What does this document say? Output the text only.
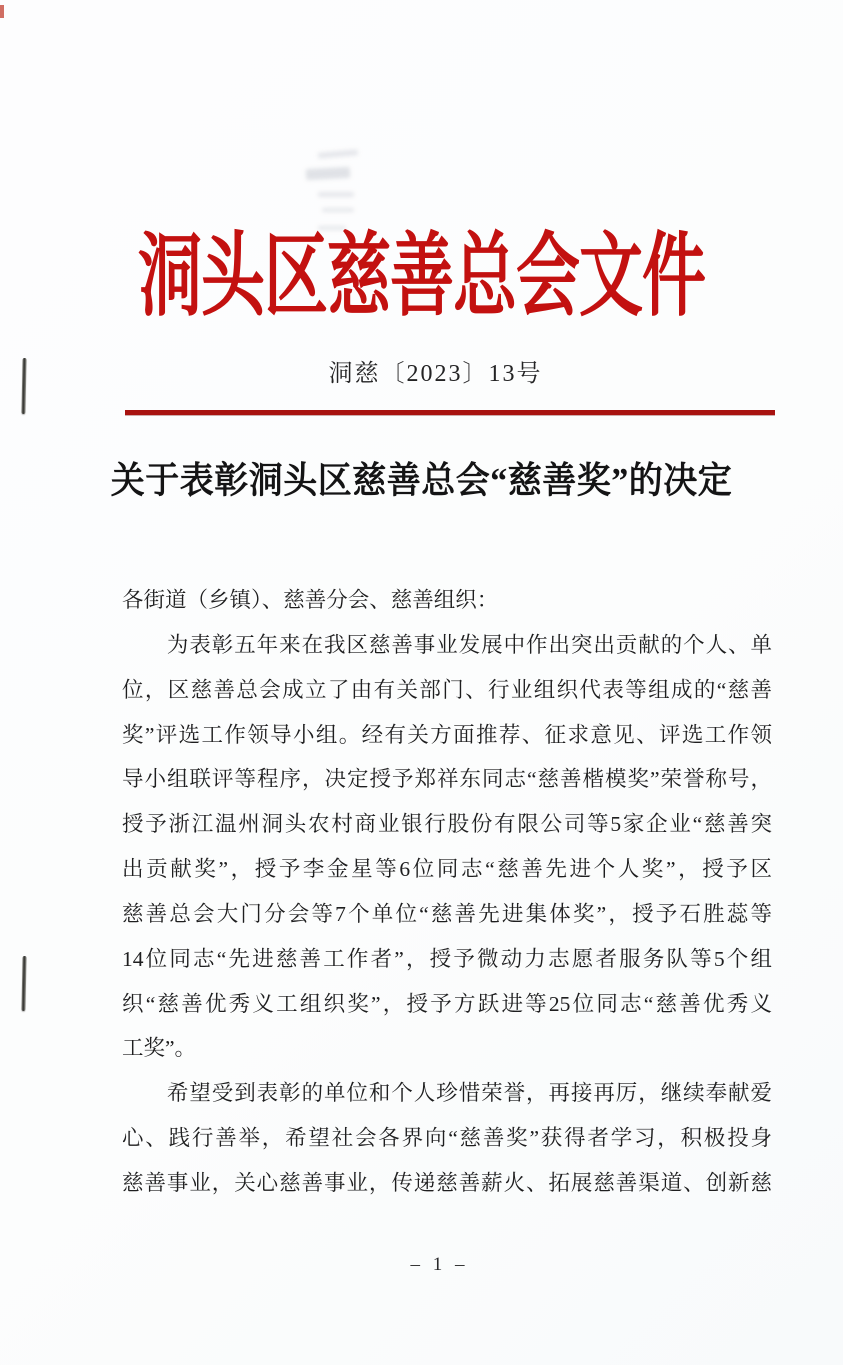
洞头区慈善总会文件
洞慈〔2023〕13号
关于表彰洞头区慈善总会“慈善奖”的决定
各街道（乡镇）、慈善分会、慈善组织：
　　为表彰五年来在我区慈善事业发展中作出突出贡献的个人、单
位，区慈善总会成立了由有关部门、行业组织代表等组成的“慈善
奖”评选工作领导小组。经有关方面推荐、征求意见、评选工作领
导小组联评等程序，决定授予郑祥东同志“慈善楷模奖”荣誉称号，
授予浙江温州洞头农村商业银行股份有限公司等5家企业“慈善突
出贡献奖”，授予李金星等6位同志“慈善先进个人奖”，授予区
慈善总会大门分会等7个单位“慈善先进集体奖”，授予石胜蕊等
14位同志“先进慈善工作者”，授予微动力志愿者服务队等5个组
织“慈善优秀义工组织奖”，授予方跃进等25位同志“慈善优秀义
工奖”。
　　希望受到表彰的单位和个人珍惜荣誉，再接再厉，继续奉献爱
心、践行善举，希望社会各界向“慈善奖”获得者学习，积极投身
慈善事业，关心慈善事业，传递慈善薪火、拓展慈善渠道、创新慈
– 1 –
